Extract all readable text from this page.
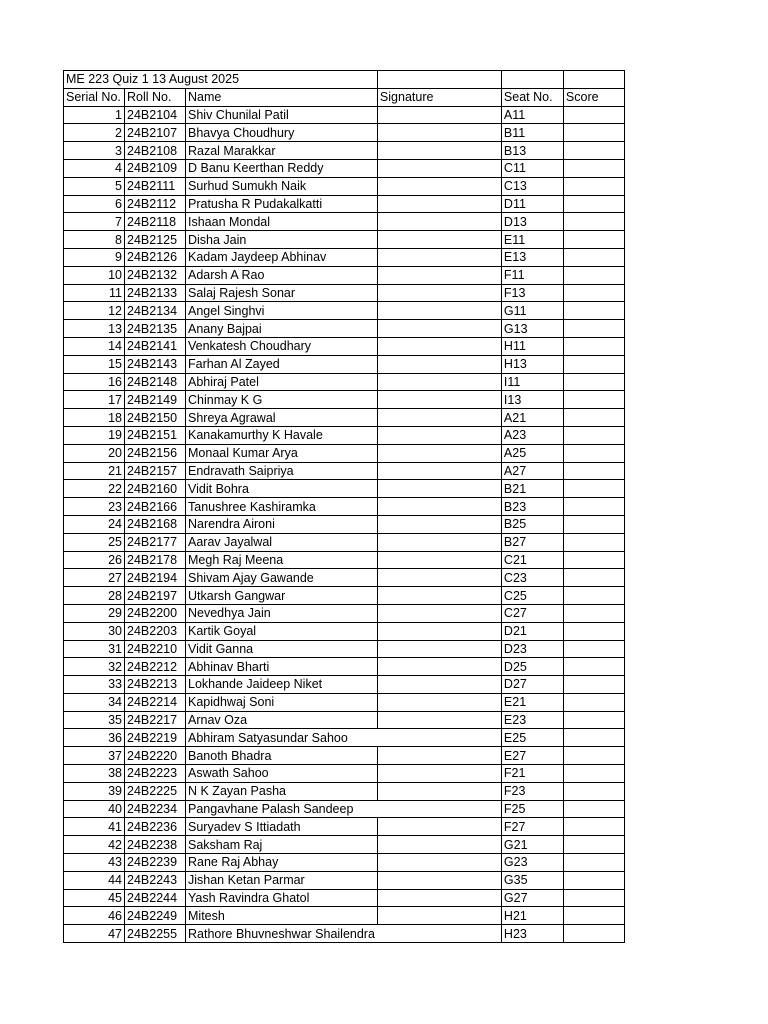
ME 223 Quiz 1 13 August 2025					
Serial No.	Roll No.	Name	Signature	Seat No.	Score
1	24B2104	Shiv Chunilal Patil		A11	
2	24B2107	Bhavya Choudhury		B11	
3	24B2108	Razal Marakkar		B13	
4	24B2109	D Banu Keerthan Reddy		C11	
5	24B2111	Surhud Sumukh Naik		C13	
6	24B2112	Pratusha R Pudakalkatti		D11	
7	24B2118	Ishaan Mondal		D13	
8	24B2125	Disha Jain		E11	
9	24B2126	Kadam Jaydeep Abhinav		E13	
10	24B2132	Adarsh A Rao		F11	
11	24B2133	Salaj Rajesh Sonar		F13	
12	24B2134	Angel Singhvi		G11	
13	24B2135	Anany Bajpai		G13	
14	24B2141	Venkatesh Choudhary		H11	
15	24B2143	Farhan Al Zayed		H13	
16	24B2148	Abhiraj Patel		I11	
17	24B2149	Chinmay K G		I13	
18	24B2150	Shreya Agrawal		A21	
19	24B2151	Kanakamurthy K Havale		A23	
20	24B2156	Monaal Kumar Arya		A25	
21	24B2157	Endravath Saipriya		A27	
22	24B2160	Vidit Bohra		B21	
23	24B2166	Tanushree Kashiramka		B23	
24	24B2168	Narendra Aironi		B25	
25	24B2177	Aarav Jayalwal		B27	
26	24B2178	Megh Raj Meena		C21	
27	24B2194	Shivam Ajay Gawande		C23	
28	24B2197	Utkarsh Gangwar		C25	
29	24B2200	Nevedhya Jain		C27	
30	24B2203	Kartik Goyal		D21	
31	24B2210	Vidit Ganna		D23	
32	24B2212	Abhinav Bharti		D25	
33	24B2213	Lokhande Jaideep Niket		D27	
34	24B2214	Kapidhwaj Soni		E21	
35	24B2217	Arnav Oza		E23	
36	24B2219	Abhiram Satyasundar Sahoo		E25	
37	24B2220	Banoth Bhadra		E27	
38	24B2223	Aswath Sahoo		F21	
39	24B2225	N K Zayan Pasha		F23	
40	24B2234	Pangavhane Palash Sandeep		F25	
41	24B2236	Suryadev S Ittiadath		F27	
42	24B2238	Saksham Raj		G21	
43	24B2239	Rane Raj Abhay		G23	
44	24B2243	Jishan Ketan Parmar		G35	
45	24B2244	Yash Ravindra Ghatol		G27	
46	24B2249	Mitesh		H21	
47	24B2255	Rathore Bhuvneshwar Shailendra		H23	
